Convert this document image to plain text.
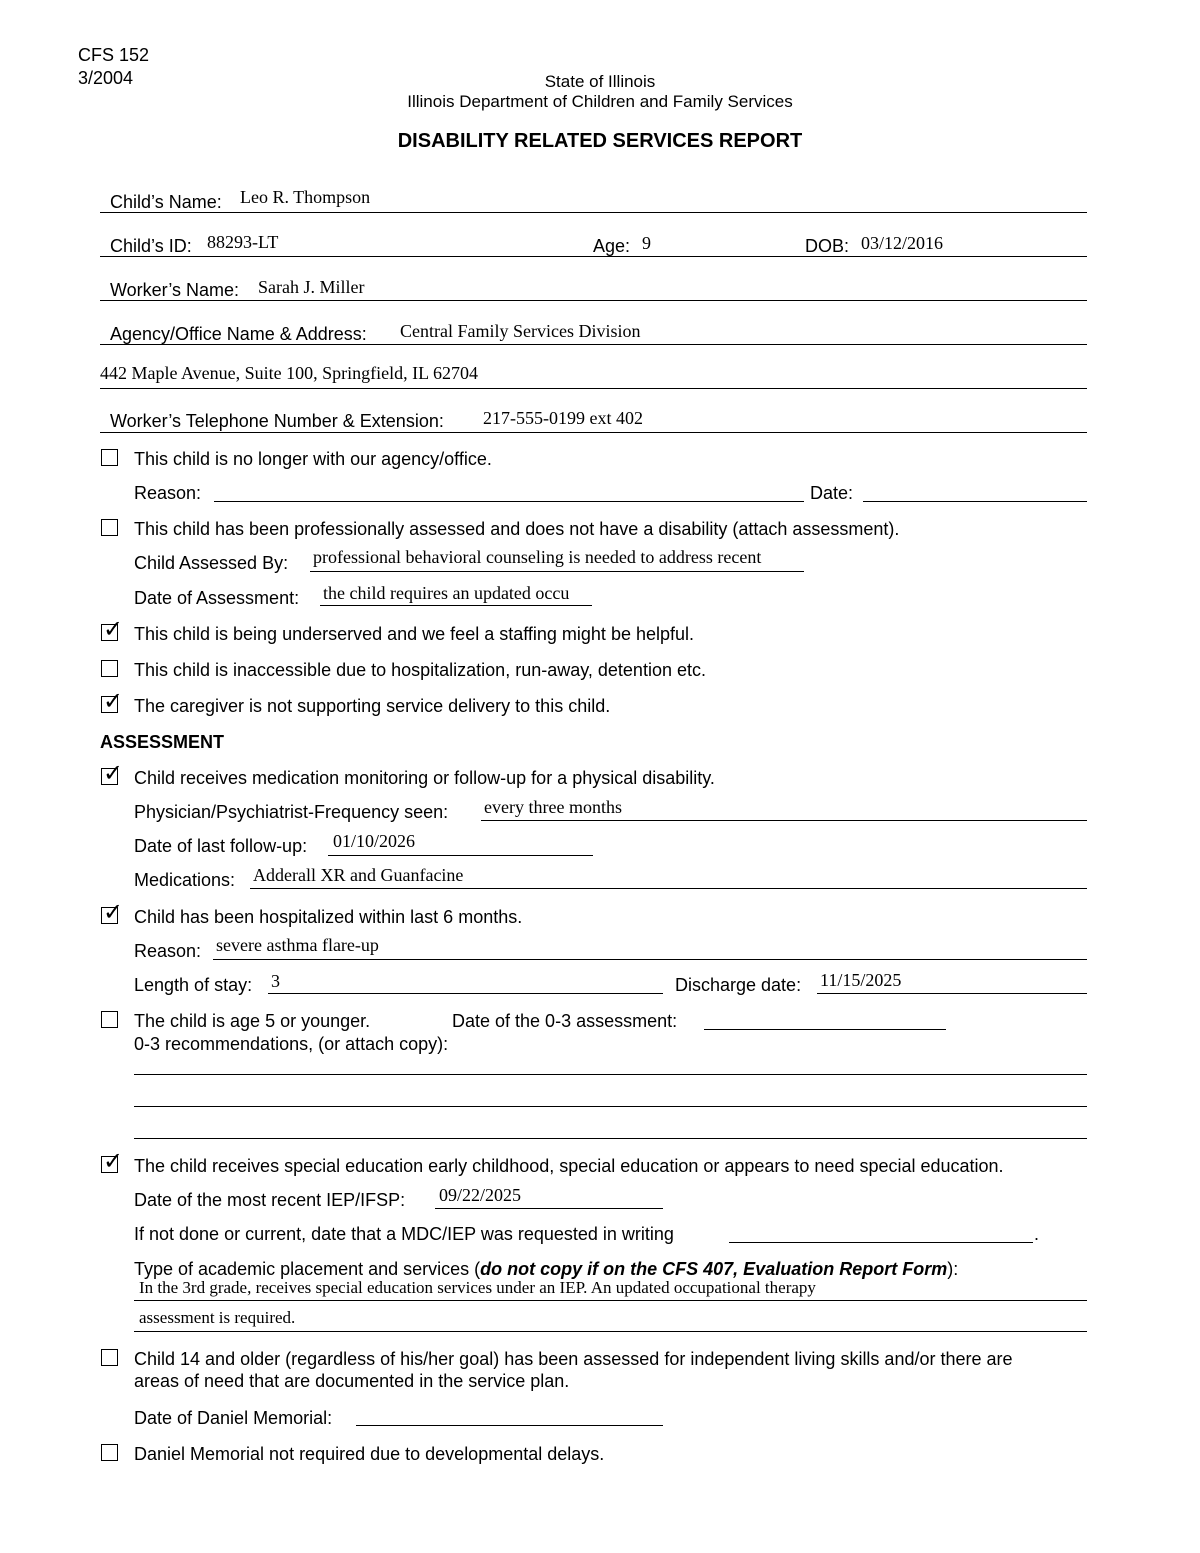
CFS 152
3/2004	State of Illinois
Illinois Department of Children and Family Services
DISABILITY RELATED SERVICES REPORT
Child’s Name: Leo R. Thompson
Child’s ID: 88293-LT	Age: 9	DOB: 03/12/2016
Worker’s Name: Sarah J. Miller
Agency/Office Name & Address: Central Family Services Division
442 Maple Avenue, Suite 100, Springfield, IL 62704
Worker’s Telephone Number & Extension: 217-555-0199 ext 402
This child is no longer with our agency/office.
Reason:	Date:
This child has been professionally assessed and does not have a disability (attach assessment).
Child Assessed By: professional behavioral counseling is needed to address recent
Date of Assessment: the child requires an updated occu
✓ This child is being underserved and we feel a staffing might be helpful.
This child is inaccessible due to hospitalization, run-away, detention etc.
✓ The caregiver is not supporting service delivery to this child.
ASSESSMENT
✓ Child receives medication monitoring or follow-up for a physical disability.
Physician/Psychiatrist-Frequency seen: every three months
Date of last follow-up: 01/10/2026
Medications: Adderall XR and Guanfacine
✓ Child has been hospitalized within last 6 months.
Reason: severe asthma flare-up
Length of stay: 3	Discharge date: 11/15/2025
The child is age 5 or younger.	Date of the 0-3 assessment:
0-3 recommendations, (or attach copy):
✓ The child receives special education early childhood, special education or appears to need special education.
Date of the most recent IEP/IFSP: 09/22/2025
If not done or current, date that a MDC/IEP was requested in writing	.
Type of academic placement and services (do not copy if on the CFS 407, Evaluation Report Form):
In the 3rd grade, receives special education services under an IEP. An updated occupational therapy
assessment is required.
Child 14 and older (regardless of his/her goal) has been assessed for independent living skills and/or there are
areas of need that are documented in the service plan.
Date of Daniel Memorial:
Daniel Memorial not required due to developmental delays.
